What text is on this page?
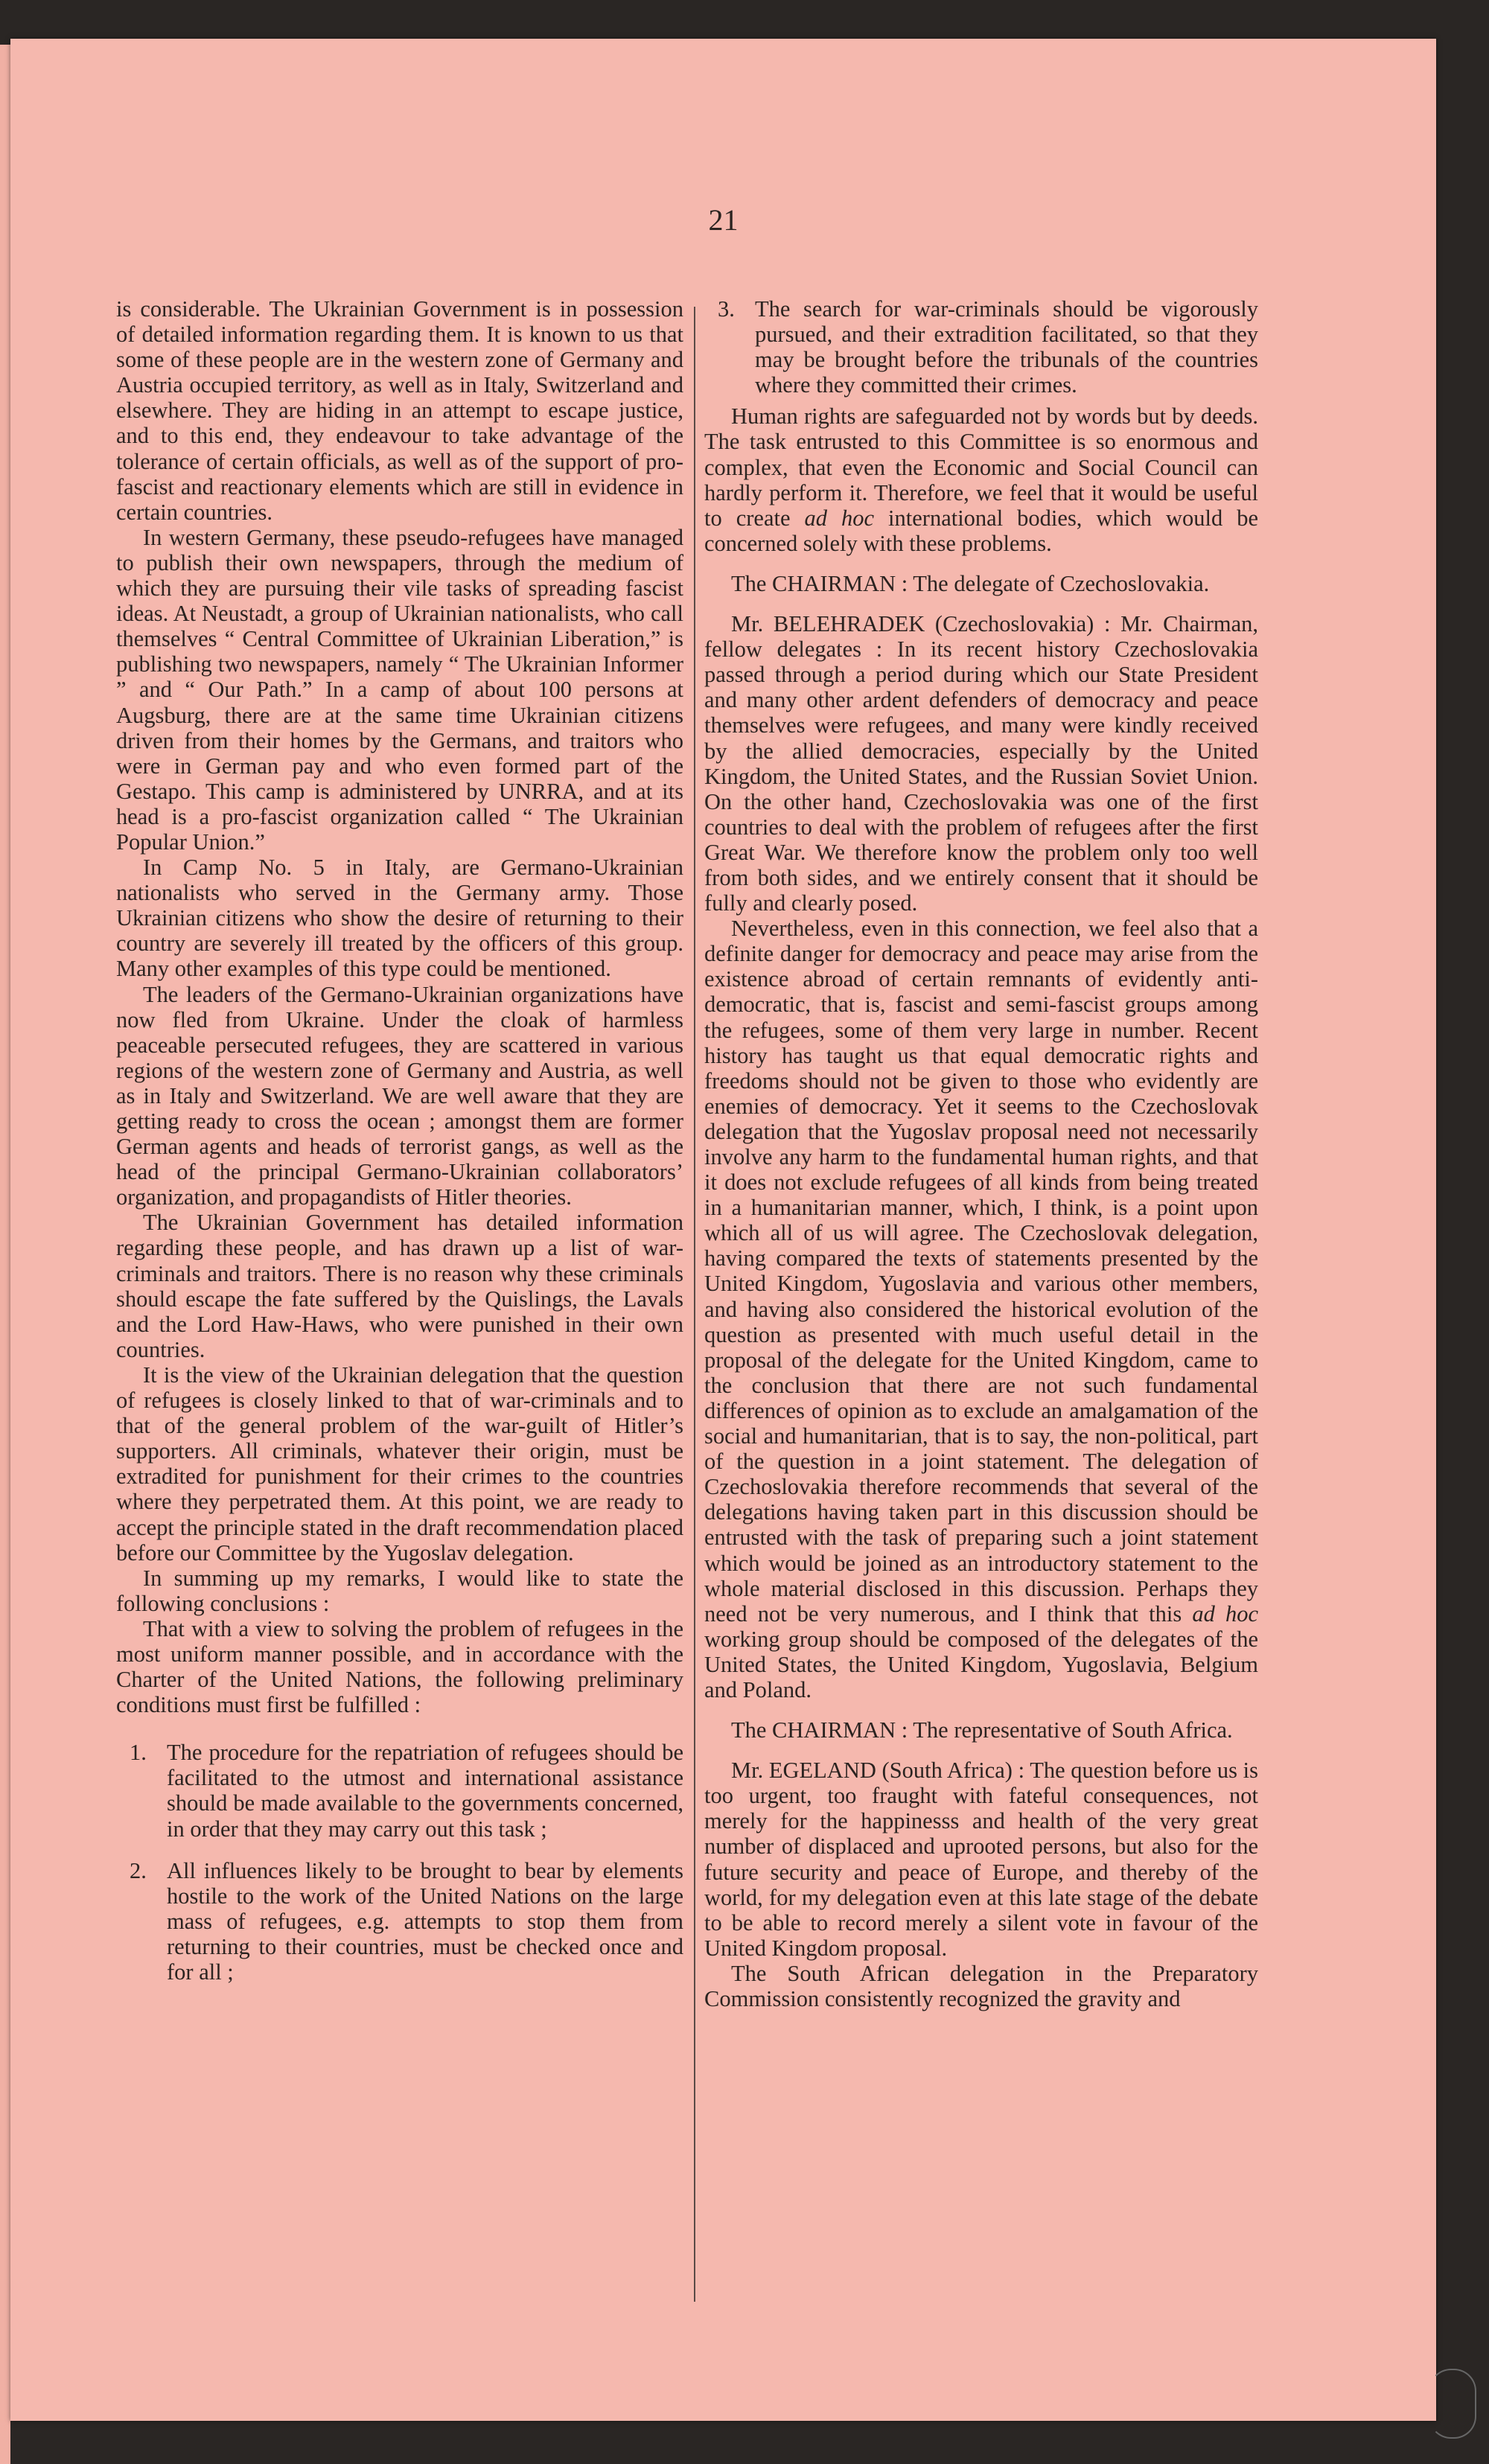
21

is considerable. The Ukrainian Government is in possession of detailed information regarding them. It is known to us that some of these people are in the western zone of Germany and Austria occupied territory, as well as in Italy, Switzerland and elsewhere. They are hiding in an attempt to escape justice, and to this end, they endeavour to take advantage of the tolerance of certain officials, as well as of the support of pro-fascist and reactionary elements which are still in evidence in certain countries.

In western Germany, these pseudo-refugees have managed to publish their own newspapers, through the medium of which they are pursuing their vile tasks of spreading fascist ideas. At Neustadt, a group of Ukrainian nationalists, who call themselves “ Central Committee of Ukrainian Liberation,” is publishing two newspapers, namely “ The Ukrainian Informer ” and “ Our Path.” In a camp of about 100 persons at Augsburg, there are at the same time Ukrainian citizens driven from their homes by the Germans, and traitors who were in German pay and who even formed part of the Gestapo. This camp is administered by UNRRA, and at its head is a pro-fascist organization called “ The Ukrainian Popular Union.”

In Camp No. 5 in Italy, are Germano-Ukrainian nationalists who served in the Germany army. Those Ukrainian citizens who show the desire of returning to their country are severely ill treated by the officers of this group. Many other examples of this type could be mentioned.

The leaders of the Germano-Ukrainian organizations have now fled from Ukraine. Under the cloak of harmless peaceable persecuted refugees, they are scattered in various regions of the western zone of Germany and Austria, as well as in Italy and Switzerland. We are well aware that they are getting ready to cross the ocean ; amongst them are former German agents and heads of terrorist gangs, as well as the head of the principal Germano-Ukrainian collaborators’ organization, and propagandists of Hitler theories.

The Ukrainian Government has detailed information regarding these people, and has drawn up a list of war-criminals and traitors. There is no reason why these criminals should escape the fate suffered by the Quislings, the Lavals and the Lord Haw-Haws, who were punished in their own countries.

It is the view of the Ukrainian delegation that the question of refugees is closely linked to that of war-criminals and to that of the general problem of the war-guilt of Hitler’s supporters. All criminals, whatever their origin, must be extradited for punishment for their crimes to the countries where they perpetrated them. At this point, we are ready to accept the principle stated in the draft recommendation placed before our Committee by the Yugoslav delegation.

In summing up my remarks, I would like to state the following conclusions :

That with a view to solving the problem of refugees in the most uniform manner possible, and in accordance with the Charter of the United Nations, the following preliminary conditions must first be fulfilled :

1. The procedure for the repatriation of refugees should be facilitated to the utmost and international assistance should be made available to the governments concerned, in order that they may carry out this task ;
2. All influences likely to be brought to bear by elements hostile to the work of the United Nations on the large mass of refugees, e.g. attempts to stop them from returning to their countries, must be checked once and for all ;
3. The search for war-criminals should be vigorously pursued, and their extradition facilitated, so that they may be brought before the tribunals of the countries where they committed their crimes.

Human rights are safeguarded not by words but by deeds. The task entrusted to this Committee is so enormous and complex, that even the Economic and Social Council can hardly perform it. Therefore, we feel that it would be useful to create ad hoc international bodies, which would be concerned solely with these problems.

The CHAIRMAN : The delegate of Czechoslovakia.

Mr. BELEHRADEK (Czechoslovakia) : Mr. Chairman, fellow delegates : In its recent history Czechoslovakia passed through a period during which our State President and many other ardent defenders of democracy and peace themselves were refugees, and many were kindly received by the allied democracies, especially by the United Kingdom, the United States, and the Russian Soviet Union. On the other hand, Czechoslovakia was one of the first countries to deal with the problem of refugees after the first Great War. We therefore know the problem only too well from both sides, and we entirely consent that it should be fully and clearly posed.

Nevertheless, even in this connection, we feel also that a definite danger for democracy and peace may arise from the existence abroad of certain remnants of evidently anti-democratic, that is, fascist and semi-fascist groups among the refugees, some of them very large in number. Recent history has taught us that equal democratic rights and freedoms should not be given to those who evidently are enemies of democracy. Yet it seems to the Czechoslovak delegation that the Yugoslav proposal need not necessarily involve any harm to the fundamental human rights, and that it does not exclude refugees of all kinds from being treated in a humanitarian manner, which, I think, is a point upon which all of us will agree. The Czechoslovak delegation, having compared the texts of statements presented by the United Kingdom, Yugoslavia and various other members, and having also considered the historical evolution of the question as presented with much useful detail in the proposal of the delegate for the United Kingdom, came to the conclusion that there are not such fundamental differences of opinion as to exclude an amalgamation of the social and humanitarian, that is to say, the non-political, part of the question in a joint statement. The delegation of Czechoslovakia therefore recommends that several of the delegations having taken part in this discussion should be entrusted with the task of preparing such a joint statement which would be joined as an introductory statement to the whole material disclosed in this discussion. Perhaps they need not be very numerous, and I think that this ad hoc working group should be composed of the delegates of the United States, the United Kingdom, Yugoslavia, Belgium and Poland.

The CHAIRMAN : The representative of South Africa.

Mr. EGELAND (South Africa) : The question before us is too urgent, too fraught with fateful consequences, not merely for the happinesss and health of the very great number of displaced and uprooted persons, but also for the future security and peace of Europe, and thereby of the world, for my delegation even at this late stage of the debate to be able to record merely a silent vote in favour of the United Kingdom proposal.

The South African delegation in the Preparatory Commission consistently recognized the gravity and
